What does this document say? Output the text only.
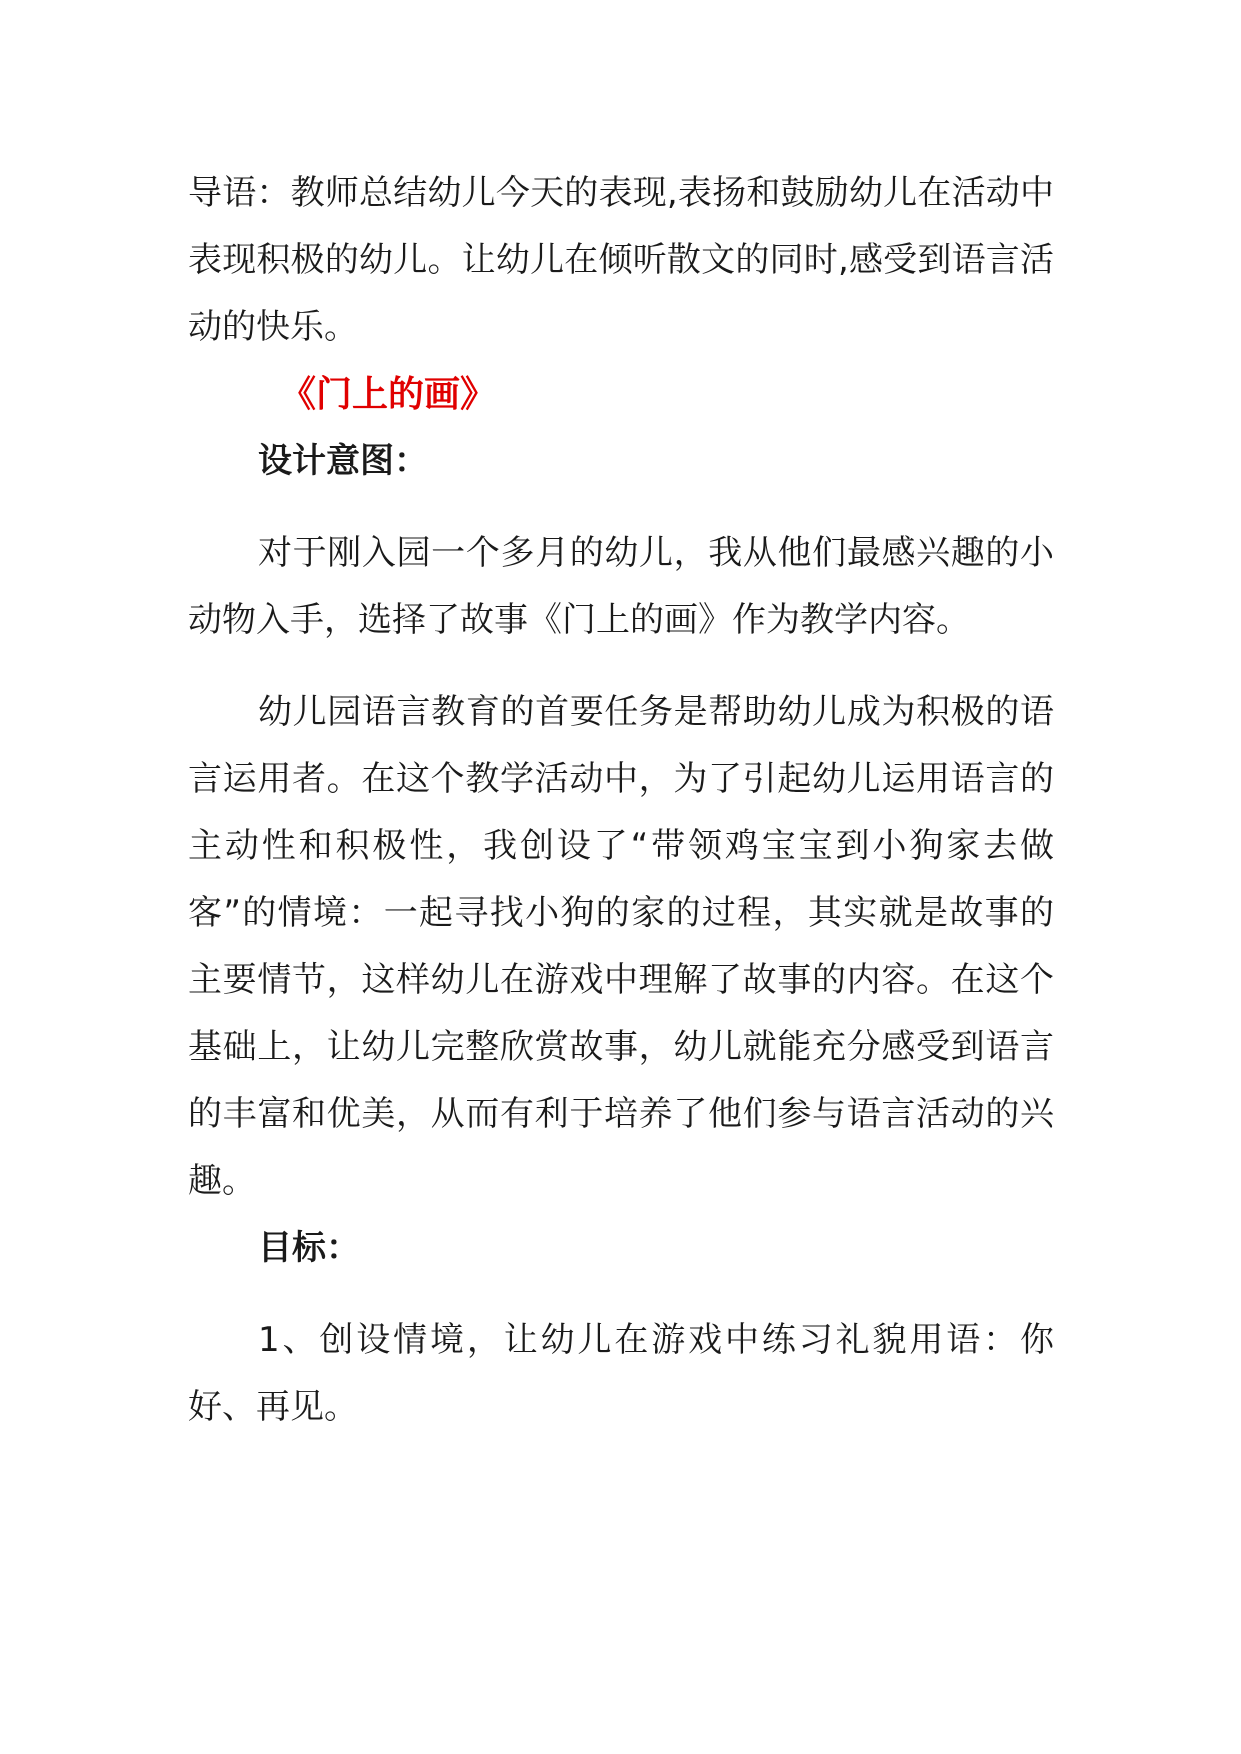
导语：教师总结幼儿今天的表现,表扬和鼓励幼儿在活动中表现积极的幼儿。让幼儿在倾听散文的同时,感受到语言活动的快乐。

《门上的画》

设计意图：

对于刚入园一个多月的幼儿，我从他们最感兴趣的小动物入手，选择了故事《门上的画》作为教学内容。

幼儿园语言教育的首要任务是帮助幼儿成为积极的语言运用者。在这个教学活动中，为了引起幼儿运用语言的主动性和积极性，我创设了“带领鸡宝宝到小狗家去做客”的情境：一起寻找小狗的家的过程，其实就是故事的主要情节，这样幼儿在游戏中理解了故事的内容。在这个基础上，让幼儿完整欣赏故事，幼儿就能充分感受到语言的丰富和优美，从而有利于培养了他们参与语言活动的兴趣。

目标：

1、创设情境，让幼儿在游戏中练习礼貌用语：你好、再见。
